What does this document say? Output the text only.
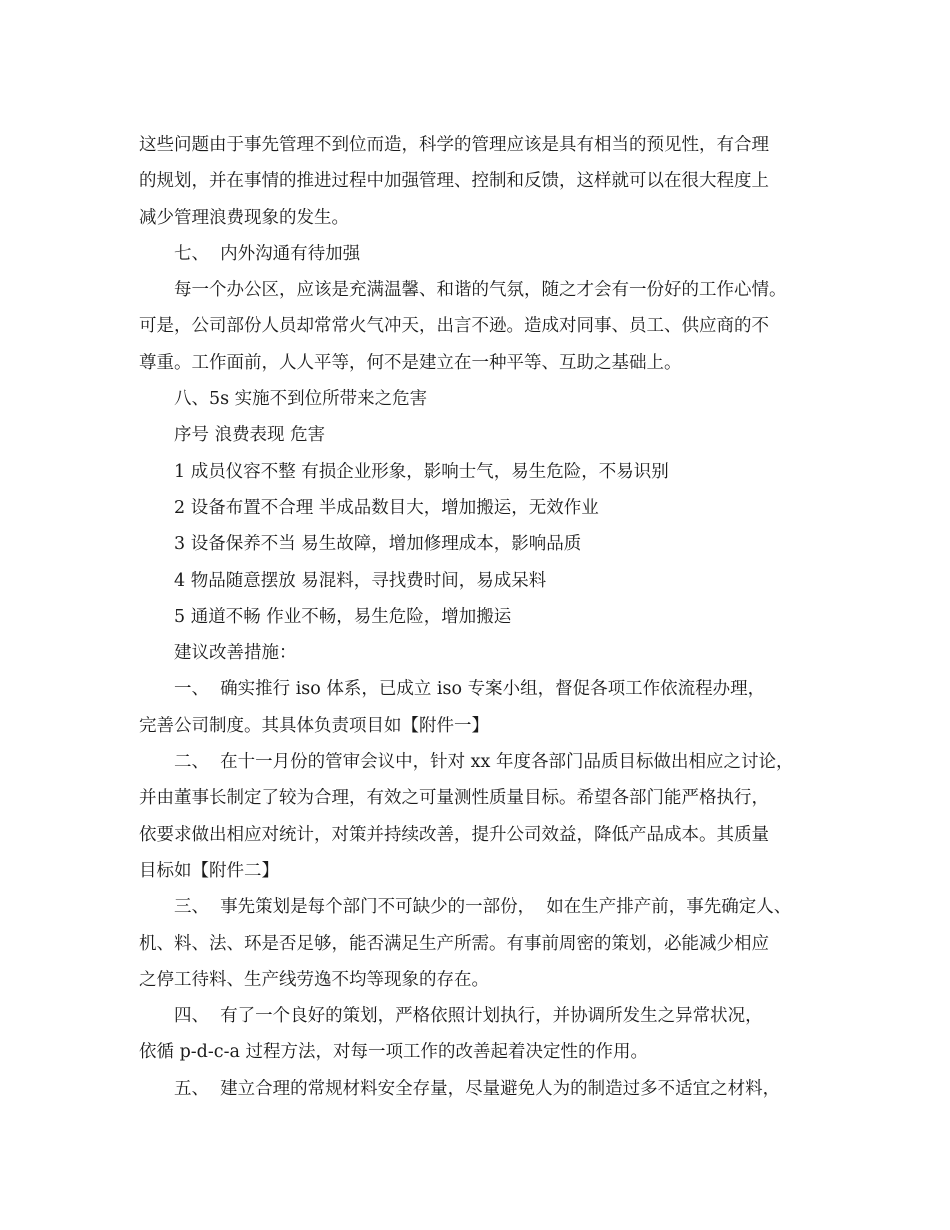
这些问题由于事先管理不到位而造，科学的管理应该是具有相当的预见性，有合理
的规划，并在事情的推进过程中加强管理、控制和反馈，这样就可以在很大程度上
减少管理浪费现象的发生。
七、  内外沟通有待加强
每一个办公区，应该是充满温馨、和谐的气氛，随之才会有一份好的工作心情。
可是，公司部份人员却常常火气冲天，出言不逊。造成对同事、员工、供应商的不
尊重。工作面前，人人平等，何不是建立在一种平等、互助之基础上。
八、5s 实施不到位所带来之危害
序号 浪费表现 危害
1 成员仪容不整 有损企业形象，影响士气，易生危险，不易识别
2 设备布置不合理 半成品数目大，增加搬运，无效作业
3 设备保养不当 易生故障，增加修理成本，影响品质
4 物品随意摆放 易混料，寻找费时间，易成呆料
5 通道不畅 作业不畅，易生危险，增加搬运
建议改善措施：
一、  确实推行 iso 体系，已成立 iso 专案小组，督促各项工作依流程办理，
完善公司制度。其具体负责项目如【附件一】
二、  在十一月份的管审会议中，针对 xx 年度各部门品质目标做出相应之讨论，
并由董事长制定了较为合理，有效之可量测性质量目标。希望各部门能严格执行，
依要求做出相应对统计，对策并持续改善，提升公司效益，降低产品成本。其质量
目标如【附件二】
三、  事先策划是每个部门不可缺少的一部份，  如在生产排产前，事先确定人、
机、料、法、环是否足够，能否满足生产所需。有事前周密的策划，必能减少相应
之停工待料、生产线劳逸不均等现象的存在。
四、  有了一个良好的策划，严格依照计划执行，并协调所发生之异常状况，
依循 p-d-c-a 过程方法，对每一项工作的改善起着决定性的作用。
五、  建立合理的常规材料安全存量，尽量避免人为的制造过多不适宜之材料，
